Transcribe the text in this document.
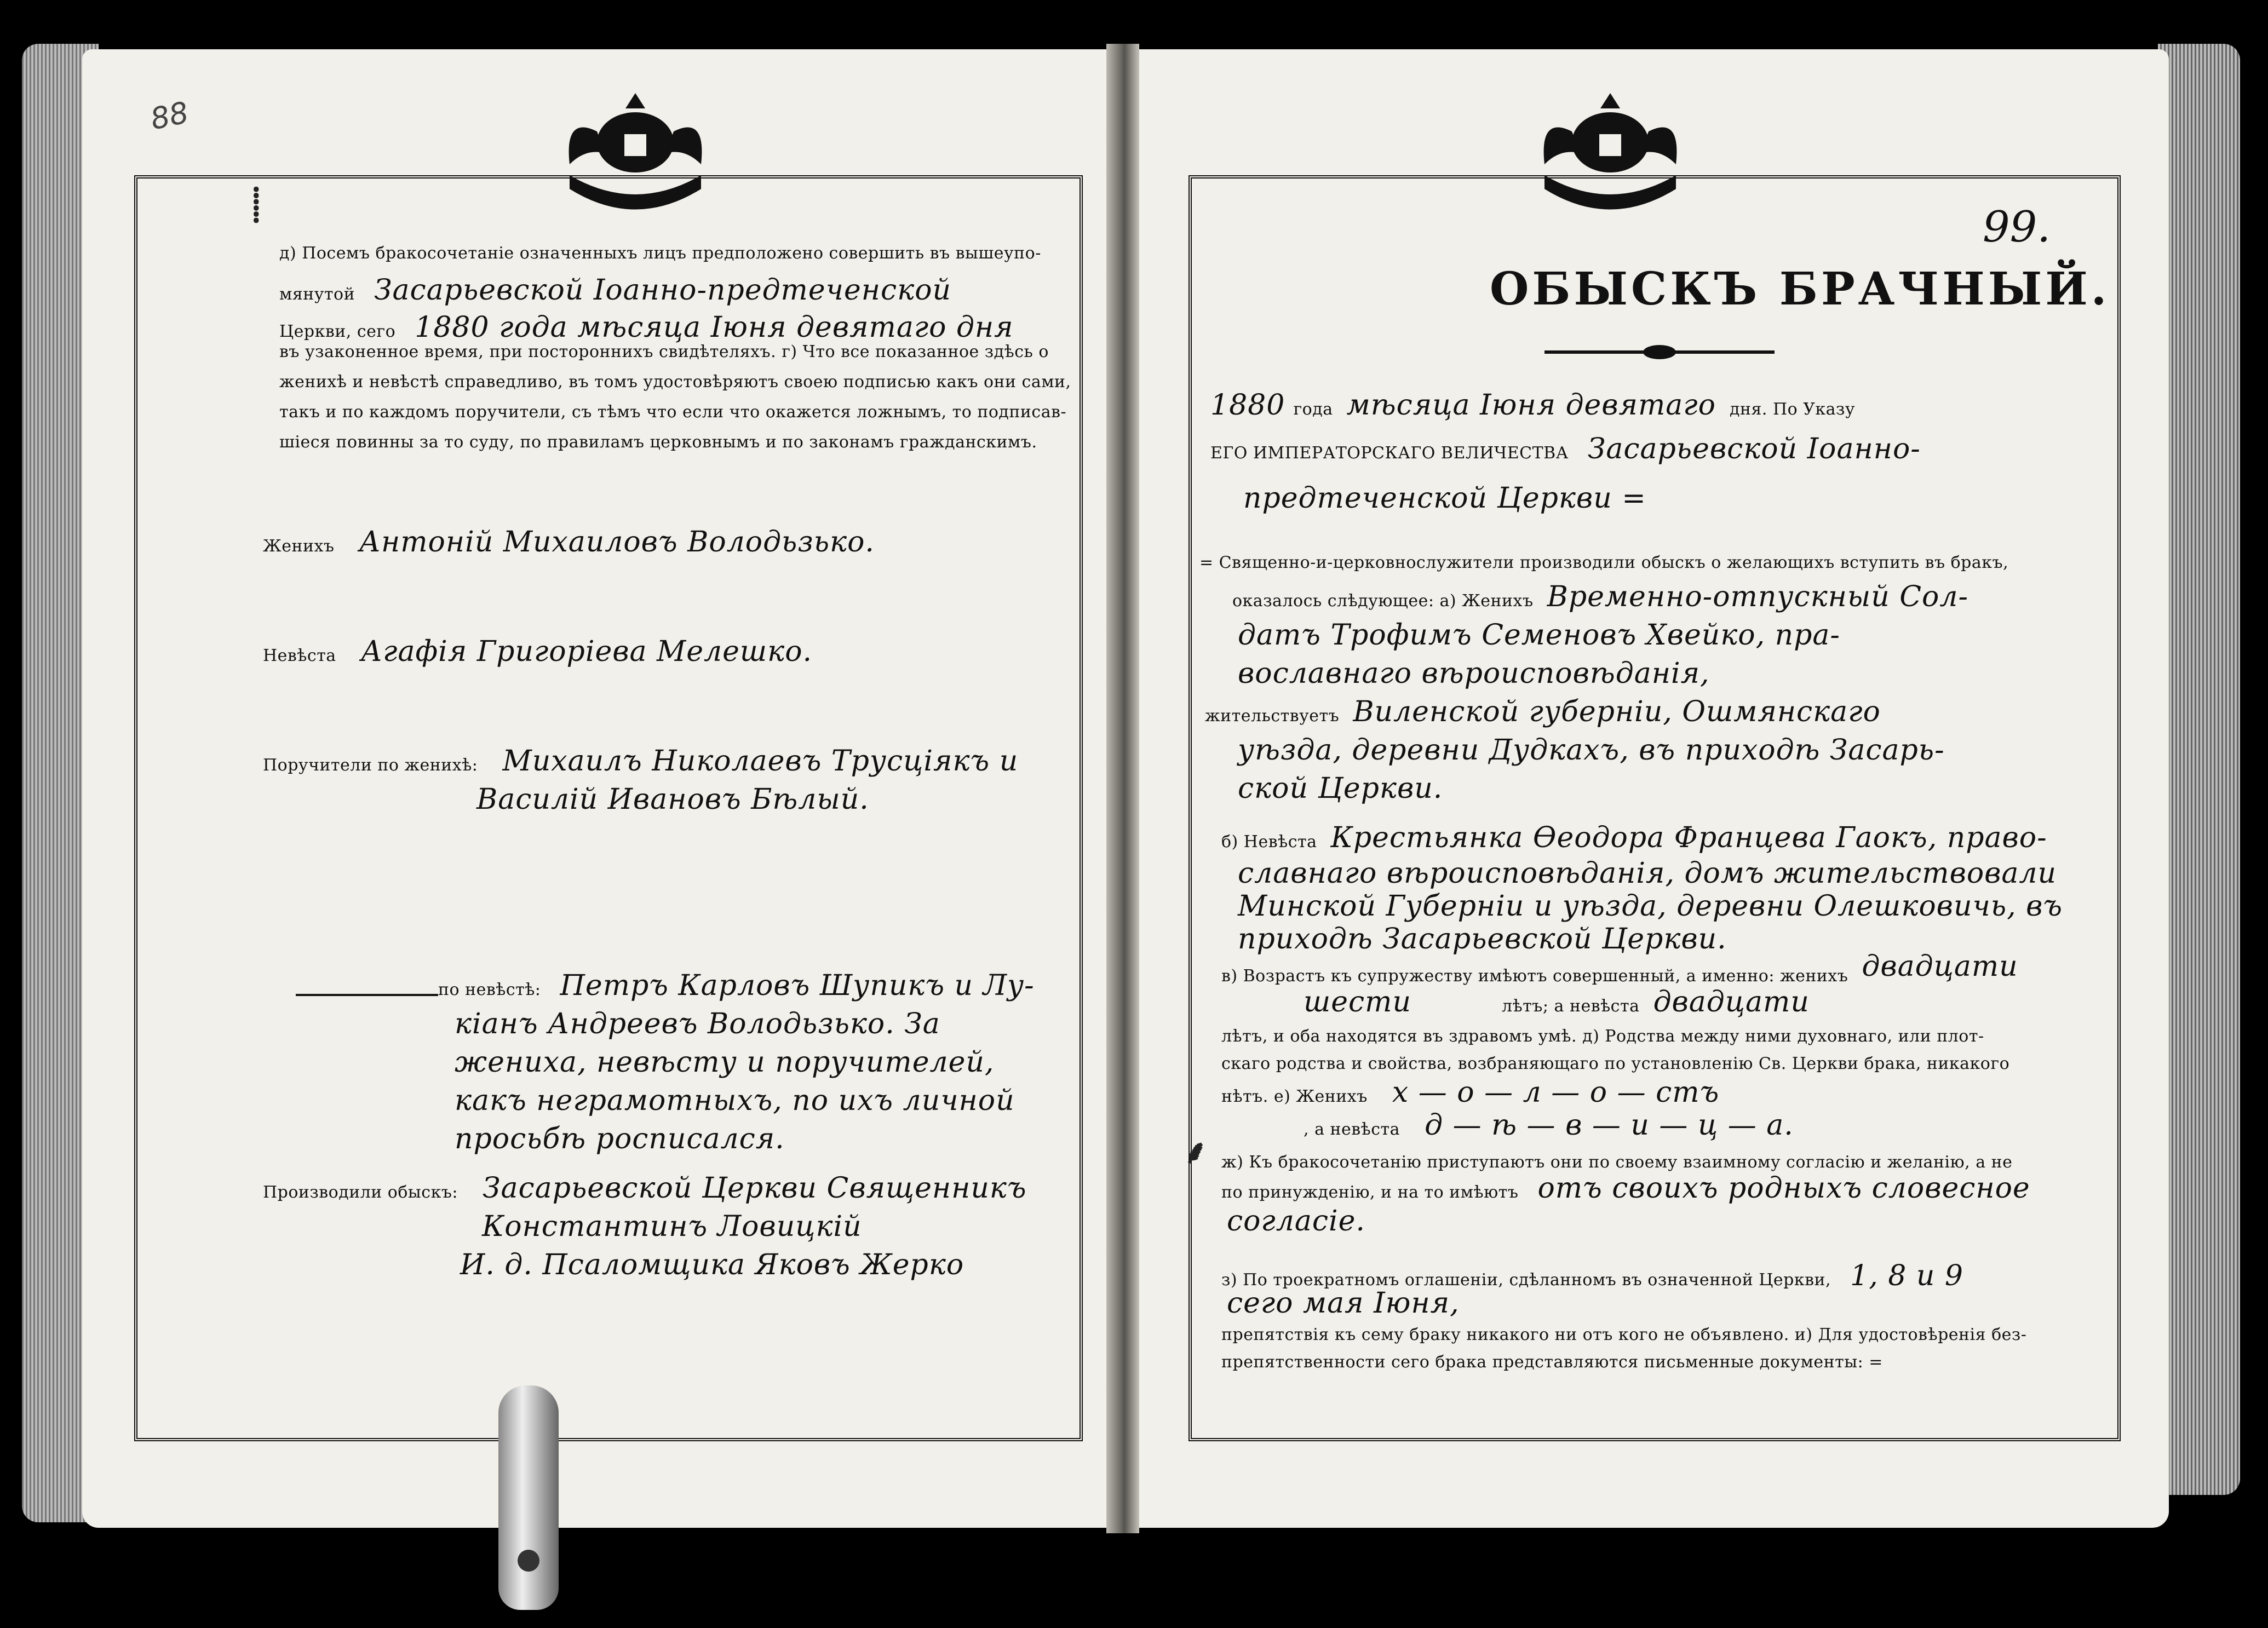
88
99.
⸽
д) Посемъ бракосочетаніе означенныхъ лицъ предположено совершить въ вышеупо-
мянутой Засарьевской Іоанно-предтеченской
Церкви, сего 1880 года мѣсяца Іюня девятаго дня
въ узаконенное время, при постороннихъ свидѣтеляхъ. г) Что все показанное здѣсь о
женихѣ и невѣстѣ справедливо, въ томъ удостовѣряютъ своею подписью какъ они сами,
такъ и по каждомъ поручители, съ тѣмъ что если что окажется ложнымъ, то подписав-
шіеся повинны за то суду, по правиламъ церковнымъ и по законамъ гражданскимъ.
Женихъ Антоній Михаиловъ Володьзько.
Невѣста Агафія Григоріева Мелешко.
Поручители по женихѣ: Михаилъ Николаевъ Трусціякъ и
Василій Ивановъ Бѣлый.
по невѣстѣ: Петръ Карловъ Шупикъ и Лу-
кіанъ Андреевъ Володьзько. За
жениха, невѣсту и поручителей,
какъ неграмотныхъ, по ихъ личной
просьбѣ росписался.
Производили обыскъ: Засарьевской Церкви Священникъ
Константинъ Ловицкій
И. д. Псаломщика Яковъ Жерко
ОБЫСКЪ БРАЧНЫЙ.
1880 года мѣсяца Іюня девятаго дня. По Указу
ЕГО ИМПЕРАТОРСКАГО ВЕЛИЧЕСТВА Засарьевской Іоанно-
предтеченской Церкви =
= Священно-и-церковнослужители производили обыскъ о желающихъ вступить въ бракъ,
оказалось слѣдующее: а) Женихъ Временно-отпускный Сол-
датъ Трофимъ Семеновъ Хвейко, пра-
вославнаго вѣроисповѣданія,
жительствуетъ Виленской губерніи, Ошмянскаго
уѣзда, деревни Дудкахъ, въ приходѣ Засарь-
ской Церкви.
б) Невѣста Крестьянка Өеодора Францева Гаокъ, право-
славнаго вѣроисповѣданія, домъ жительствовали
Минской Губерніи и уѣзда, деревни Олешковичь, въ
приходѣ Засарьевской Церкви.
в) Возрастъ къ супружеству имѣютъ совершенный, а именно: женихъ двадцати
шести	лѣтъ; а невѣста двадцати
лѣтъ, и оба находятся въ здравомъ умѣ. д) Родства между ними духовнаго, или плот-
скаго родства и свойства, возбраняющаго по установленію Св. Церкви брака, никакого
нѣтъ. е) Женихъ х — о — л — о — стъ
, а невѣста д — ѣ — в — и — ц — а.
ж) Къ бракосочетанію приступаютъ они по своему взаимному согласію и желанію, а не
по принужденію, и на то имѣютъ отъ своихъ родныхъ словесное
согласіе.
⸙
з) По троекратномъ оглашеніи, сдѣланномъ въ означенной Церкви, 1, 8 и 9
сего мая Іюня,
препятствія къ сему браку никакого ни отъ кого не объявлено. и) Для удостовѣренія без-
препятственности сего брака представляются письменные документы: =
